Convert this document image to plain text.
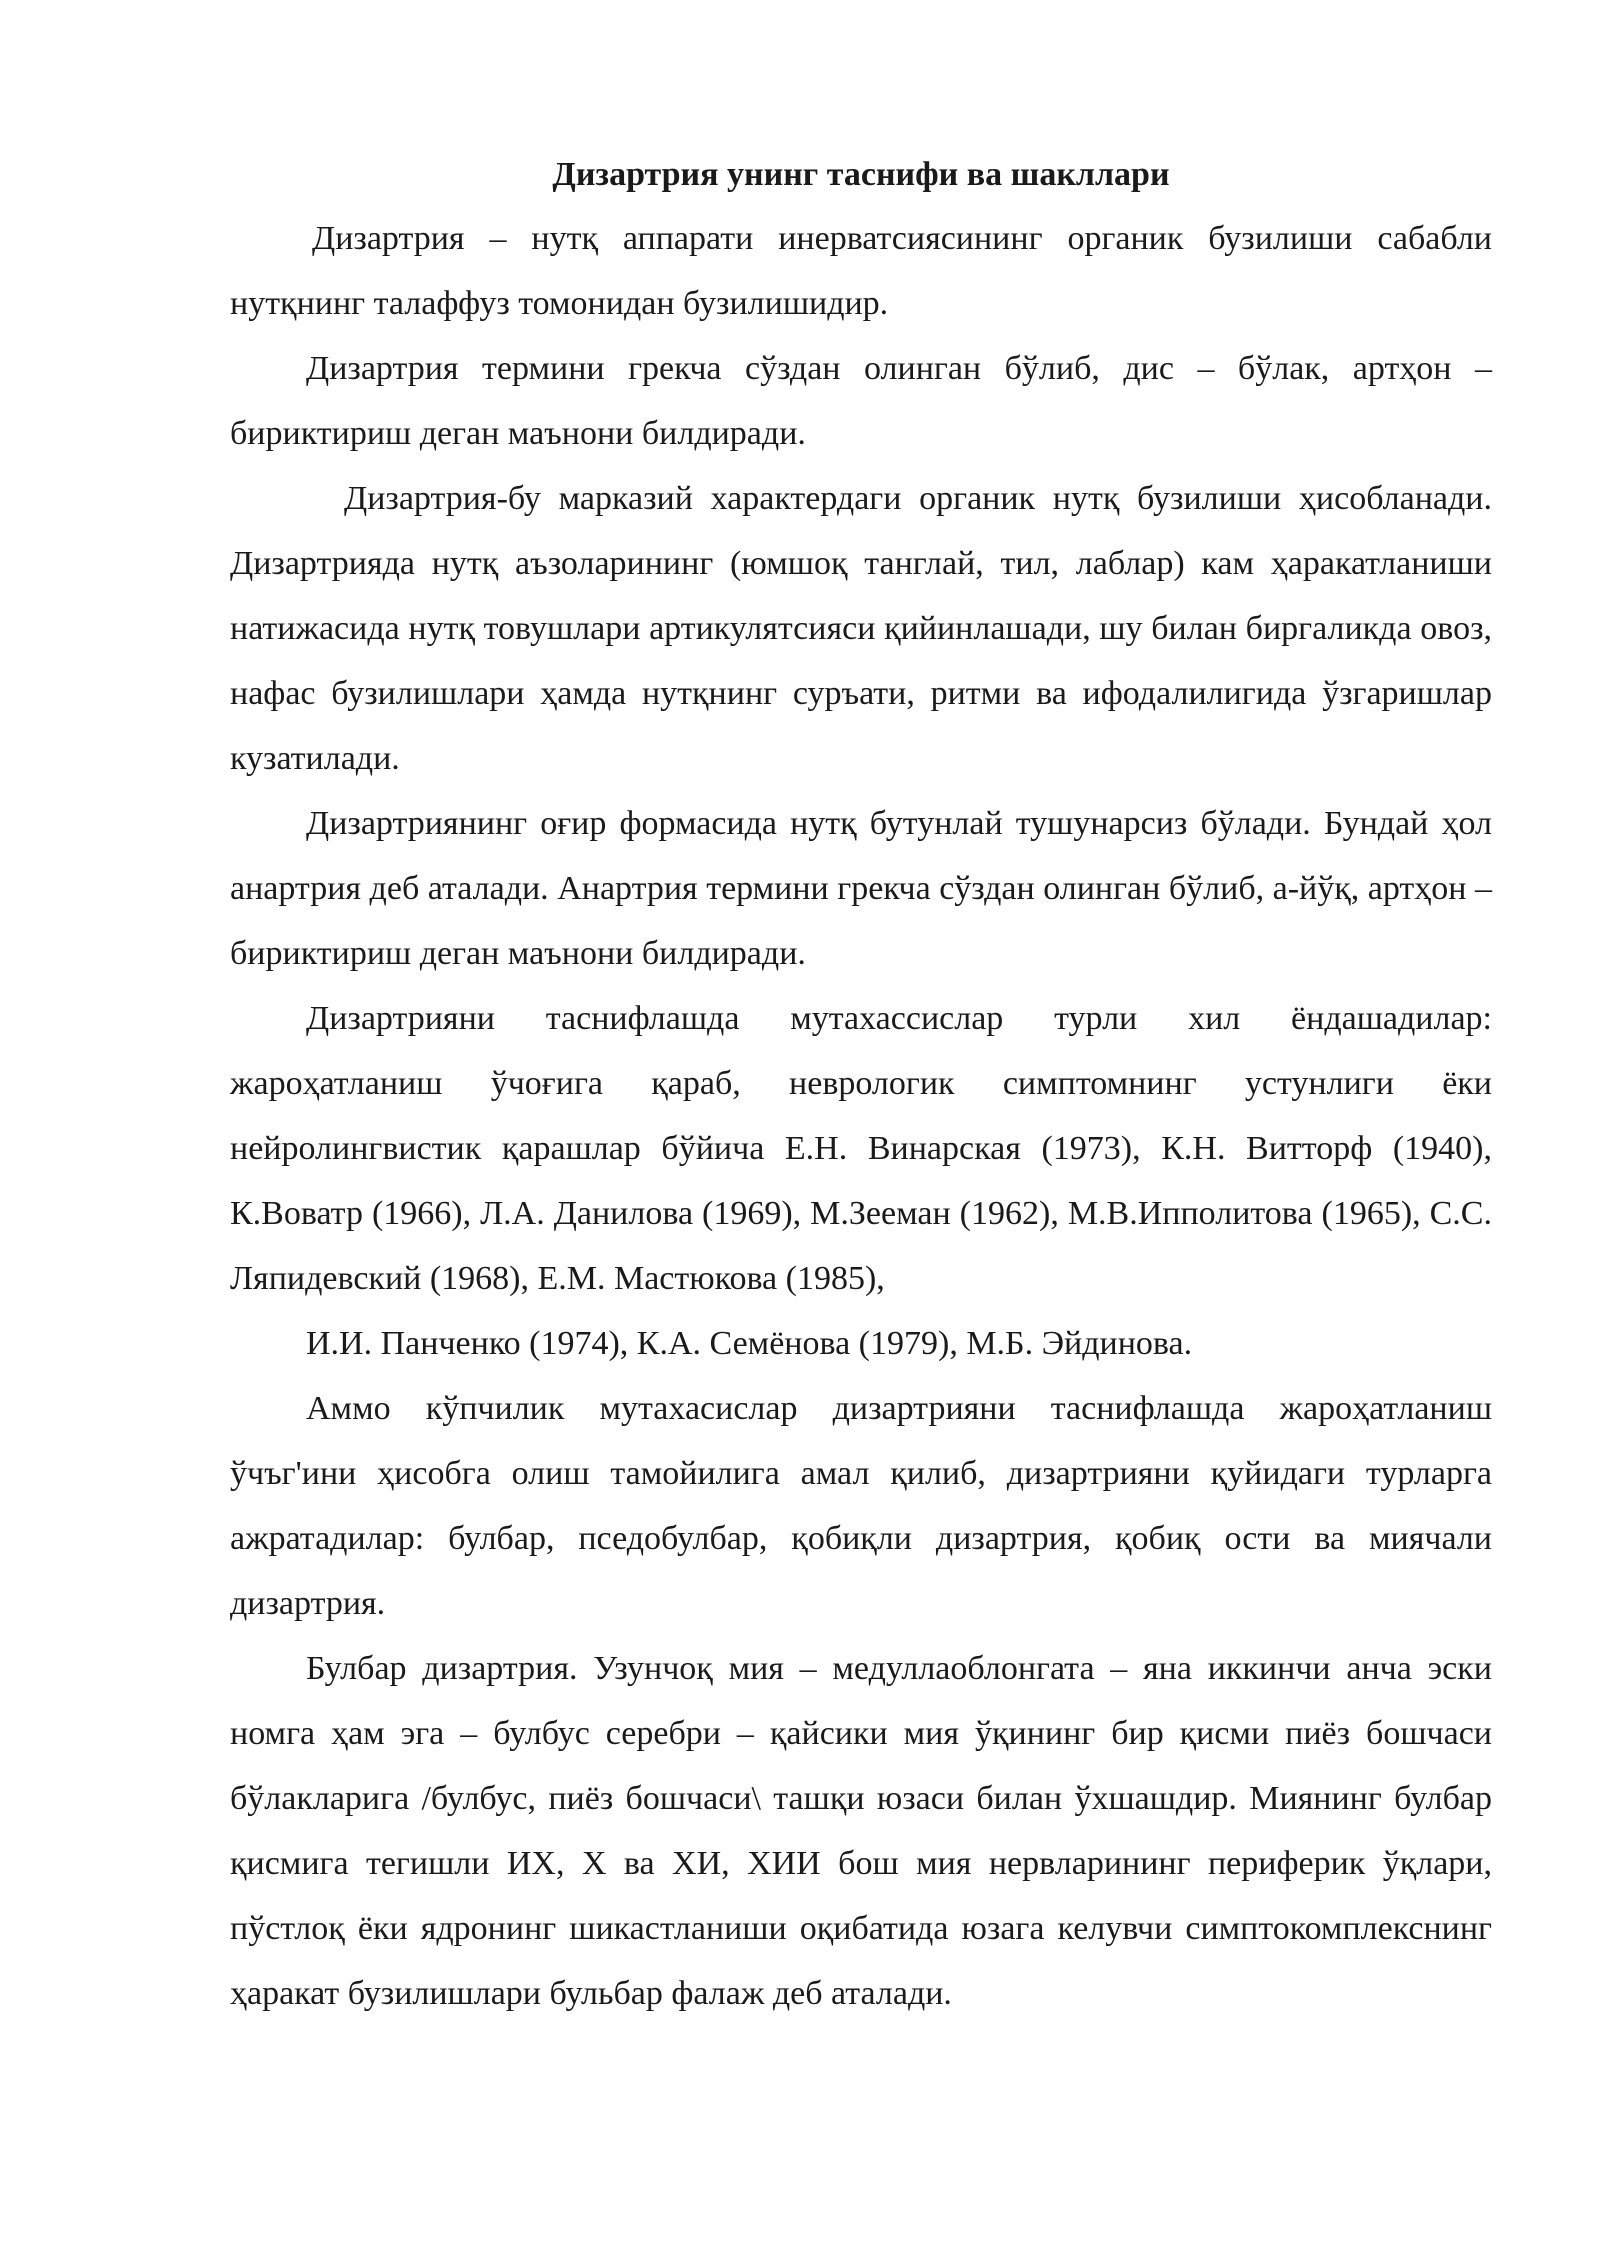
Дизартрия унинг таснифи ва шакллари

Дизартрия – нутқ аппарати инерватсиясининг органик бузилиши сабабли нутқнинг талаффуз томонидан бузилишидир.

Дизартрия термини грекча сўздан олинган бўлиб, дис – бўлак, артҳон – бириктириш деган маънони билдиради.

Дизартрия-бу марказий характердаги органик нутқ бузилиши ҳисобланади. Дизартрияда нутқ аъзоларининг (юмшоқ танглай, тил, лаблар) кам ҳаракатланиши натижасида нутқ товушлари артикулятсияси қийинлашади, шу билан биргаликда овоз, нафас бузилишлари ҳамда нутқнинг суръати, ритми ва ифодалилигида ўзгаришлар кузатилади.

Дизартриянинг оғир формасида нутқ бутунлай тушунарсиз бўлади. Бундай ҳол анартрия деб аталади. Анартрия термини грекча сўздан олинган бўлиб, а-йўқ, артҳон – бириктириш деган маънони билдиради.

Дизартрияни таснифлашда мутахассислар турли хил ёндашадилар: жароҳатланиш ўчоғига қараб, неврологик симптомнинг устунлиги ёки нейролингвистик қарашлар бўйича Е.Н. Винарская (1973), К.Н. Витторф (1940), К.Воватр (1966), Л.А. Данилова (1969), М.Зееман (1962), М.В.Ипполитова (1965), С.С. Ляпидевский (1968), Е.М. Мастюкова (1985),

И.И. Панченко (1974), К.А. Семёнова (1979), М.Б. Эйдинова.

Аммо кўпчилик мутахасислар дизартрияни таснифлашда жароҳатланиш ўчъг'ини ҳисобга олиш тамойилига амал қилиб, дизартрияни қуйидаги турларга ажратадилар: булбар, пседобулбар, қобиқли дизартрия, қобиқ ости ва миячали дизартрия.

Булбар дизартрия. Узунчоқ мия – медуллаоблонгата – яна иккинчи анча эски номга ҳам эга – булбус серебри – қайсики мия ўқининг бир қисми пиёз бошчаси бўлакларига /булбус, пиёз бошчаси\ ташқи юзаси билан ўхшашдир. Миянинг булбар қисмига тегишли ИХ, Х ва ХИ, ХИИ бош мия нервларининг периферик ўқлари, пўстлоқ ёки ядронинг шикастланиши оқибатида юзага келувчи симптокомплекснинг ҳаракат бузилишлари бульбар фалаж деб аталади.
